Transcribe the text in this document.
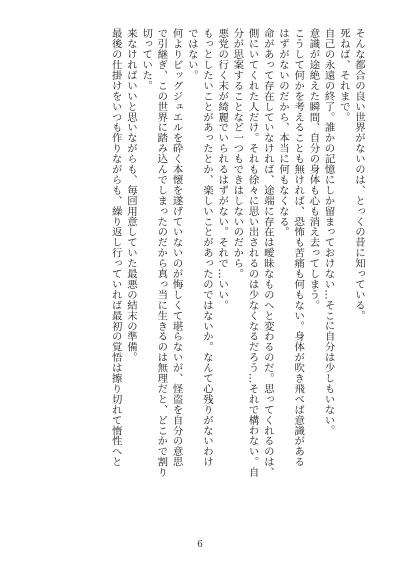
そんな都合の良い世界がないのは、とっくの昔に知っている。
死ねば、それまで。
自己の永遠の終了。誰かの記憶にしか留まっておけない…そこに自分は少しもいない。
意識が途絶えた瞬間、自分の身体も心も消え去ってしまう。
こうして何かを考えることも無ければ、恐怖も苦痛も何もない。身体が吹き飛べば意識がある
はずがないのだから、本当に何もなくなる。
命があって存在していなければ、途端に存在は曖昧なものへと変わるのだ。思ってくれるのは、
側にいてくれた人だけ。それも徐々に思い出されるのは少なくなるだろう…それで構わない。自
分が思案することなど一つもできはしないのだから。
悪党の行く末が綺麗でいられるはずがない。それで…いい。
もっとしたいことがあったとか、楽しいことがあったのではないか。なんて心残りがないわけ
ではない。
何よりビッグジュエルを砕く本懐を遂げていないのが悔しくて堪らないが、怪盗を自分の意思
で引継ぎ、この世界に踏み込んでしまったのだから真っ当に生きるのは無理だと、どこかで割り
切っていた。
来なければいいと思いながらも、毎回用意していた最悪の結末の準備。
最後の仕掛けをいつも作りながらも、繰り返し行っていれば最初の覚悟は擦り切れて惰性へと
6
